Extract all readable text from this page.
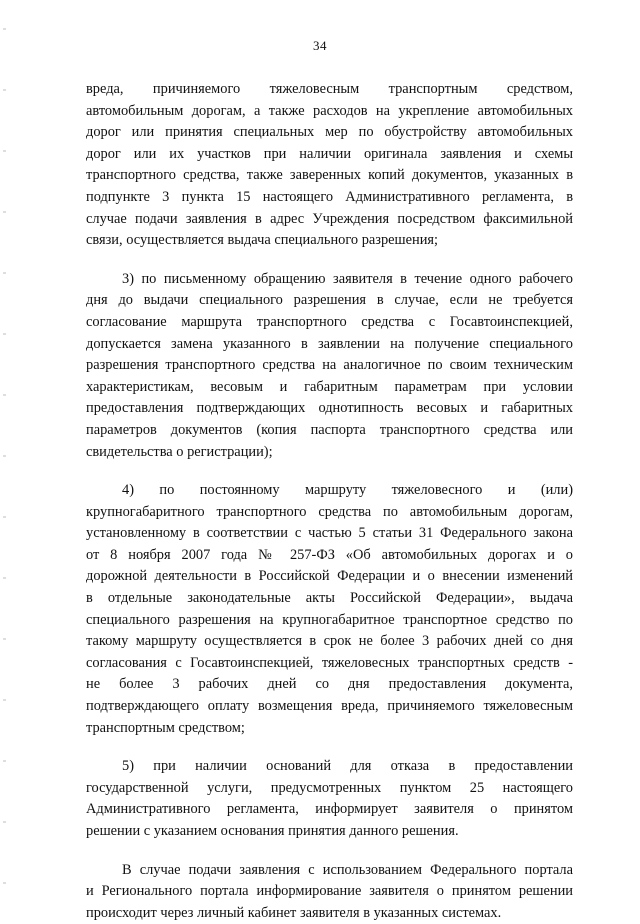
34
вреда, причиняемого тяжеловесным транспортным средством,
автомобильным дорогам, а также расходов на укрепление автомобильных
дорог или принятия специальных мер по обустройству автомобильных
дорог или их участков при наличии оригинала заявления и схемы
транспортного средства, также заверенных копий документов, указанных в
подпункте 3 пункта 15 настоящего Административного регламента, в
случае подачи заявления в адрес Учреждения посредством факсимильной
связи, осуществляется выдача специального разрешения;
3) по письменному обращению заявителя в течение одного рабочего
дня до выдачи специального разрешения в случае, если не требуется
согласование маршрута транспортного средства с Госавтоинспекцией,
допускается замена указанного в заявлении на получение специального
разрешения транспортного средства на аналогичное по своим техническим
характеристикам, весовым и габаритным параметрам при условии
предоставления подтверждающих однотипность весовых и габаритных
параметров документов (копия паспорта транспортного средства или
свидетельства о регистрации);
4) по постоянному маршруту тяжеловесного и (или)
крупногабаритного транспортного средства по автомобильным дорогам,
установленному в соответствии с частью 5 статьи 31 Федерального закона
от 8 ноября 2007 года № 257-ФЗ «Об автомобильных дорогах и о
дорожной деятельности в Российской Федерации и о внесении изменений
в отдельные законодательные акты Российской Федерации», выдача
специального разрешения на крупногабаритное транспортное средство по
такому маршруту осуществляется в срок не более 3 рабочих дней со дня
согласования с Госавтоинспекцией, тяжеловесных транспортных средств -
не более 3 рабочих дней со дня предоставления документа,
подтверждающего оплату возмещения вреда, причиняемого тяжеловесным
транспортным средством;
5) при наличии оснований для отказа в предоставлении
государственной услуги, предусмотренных пунктом 25 настоящего
Административного регламента, информирует заявителя о принятом
решении с указанием основания принятия данного решения.
В случае подачи заявления с использованием Федерального портала
и Регионального портала информирование заявителя о принятом решении
происходит через личный кабинет заявителя в указанных системах.
